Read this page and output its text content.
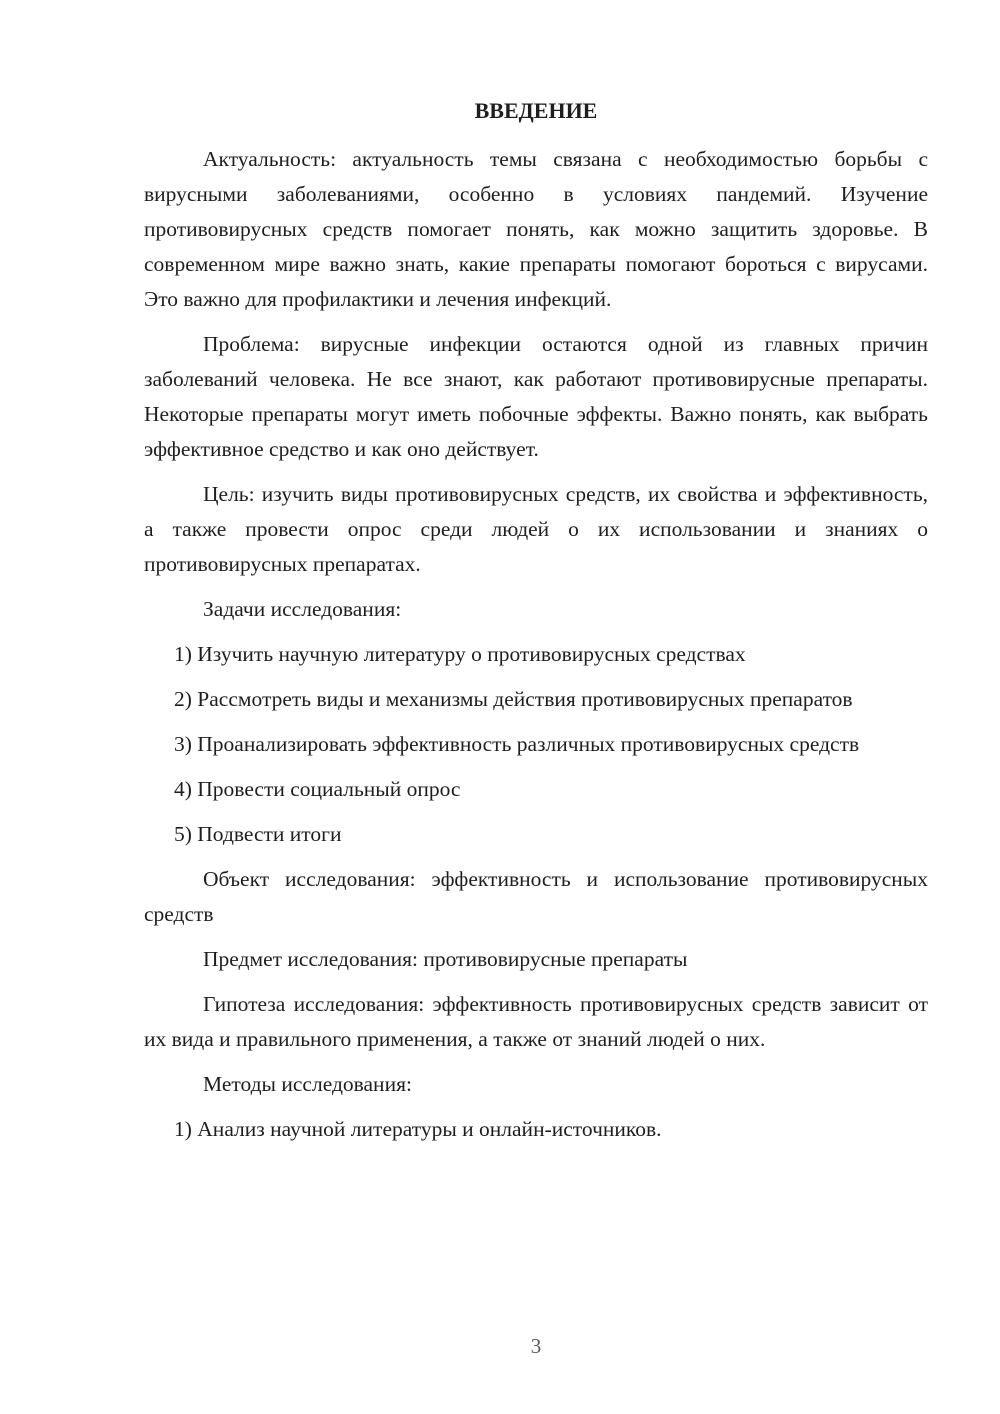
ВВЕДЕНИЕ

Актуальность: актуальность темы связана с необходимостью борьбы с вирусными заболеваниями, особенно в условиях пандемий. Изучение противовирусных средств помогает понять, как можно защитить здоровье. В современном мире важно знать, какие препараты помогают бороться с вирусами. Это важно для профилактики и лечения инфекций.

Проблема: вирусные инфекции остаются одной из главных причин заболеваний человека. Не все знают, как работают противовирусные препараты. Некоторые препараты могут иметь побочные эффекты. Важно понять, как выбрать эффективное средство и как оно действует.

Цель: изучить виды противовирусных средств, их свойства и эффективность, а также провести опрос среди людей о их использовании и знаниях о противовирусных препаратах.

Задачи исследования:

1) Изучить научную литературу о противовирусных средствах

2) Рассмотреть виды и механизмы действия противовирусных препаратов

3) Проанализировать эффективность различных противовирусных средств

4) Провести социальный опрос

5) Подвести итоги

Объект исследования: эффективность и использование противовирусных средств

Предмет исследования: противовирусные препараты

Гипотеза исследования: эффективность противовирусных средств зависит от их вида и правильного применения, а также от знаний людей о них.

Методы исследования:

1) Анализ научной литературы и онлайн-источников.

3
